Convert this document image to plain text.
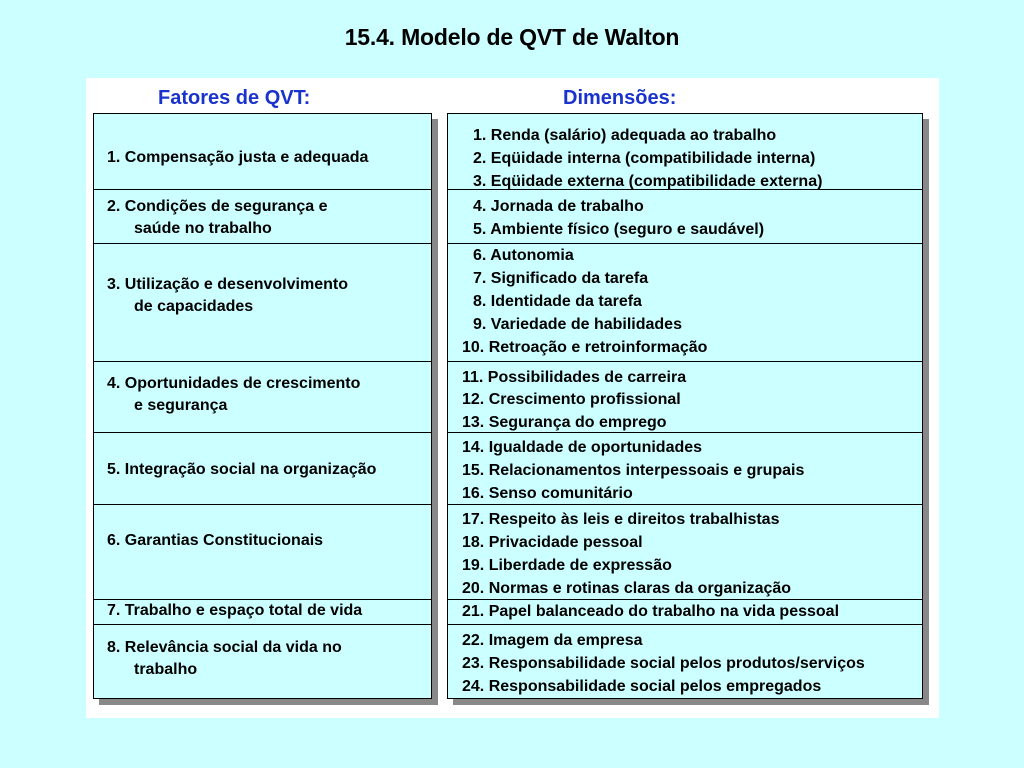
15.4. Modelo de QVT de Walton
Fatores de QVT:	Dimensões:
1. Compensação justa e adequada
2. Condições de segurança e
saúde no trabalho
3. Utilização e desenvolvimento
de capacidades
4. Oportunidades de crescimento
e segurança
5. Integração social na organização
6. Garantias Constitucionais
7. Trabalho e espaço total de vida
8. Relevância social da vida no
trabalho
1. Renda (salário) adequada ao trabalho
2. Eqüidade interna (compatibilidade interna)
3. Eqüidade externa (compatibilidade externa)
4. Jornada de trabalho
5. Ambiente físico (seguro e saudável)
6. Autonomia
7. Significado da tarefa
8. Identidade da tarefa
9. Variedade de habilidades
10. Retroação e retroinformação
11. Possibilidades de carreira
12. Crescimento profissional
13. Segurança do emprego
14. Igualdade de oportunidades
15. Relacionamentos interpessoais e grupais
16. Senso comunitário
17. Respeito às leis e direitos trabalhistas
18. Privacidade pessoal
19. Liberdade de expressão
20. Normas e rotinas claras da organização
21. Papel balanceado do trabalho na vida pessoal
22. Imagem da empresa
23. Responsabilidade social pelos produtos/serviços
24. Responsabilidade social pelos empregados
